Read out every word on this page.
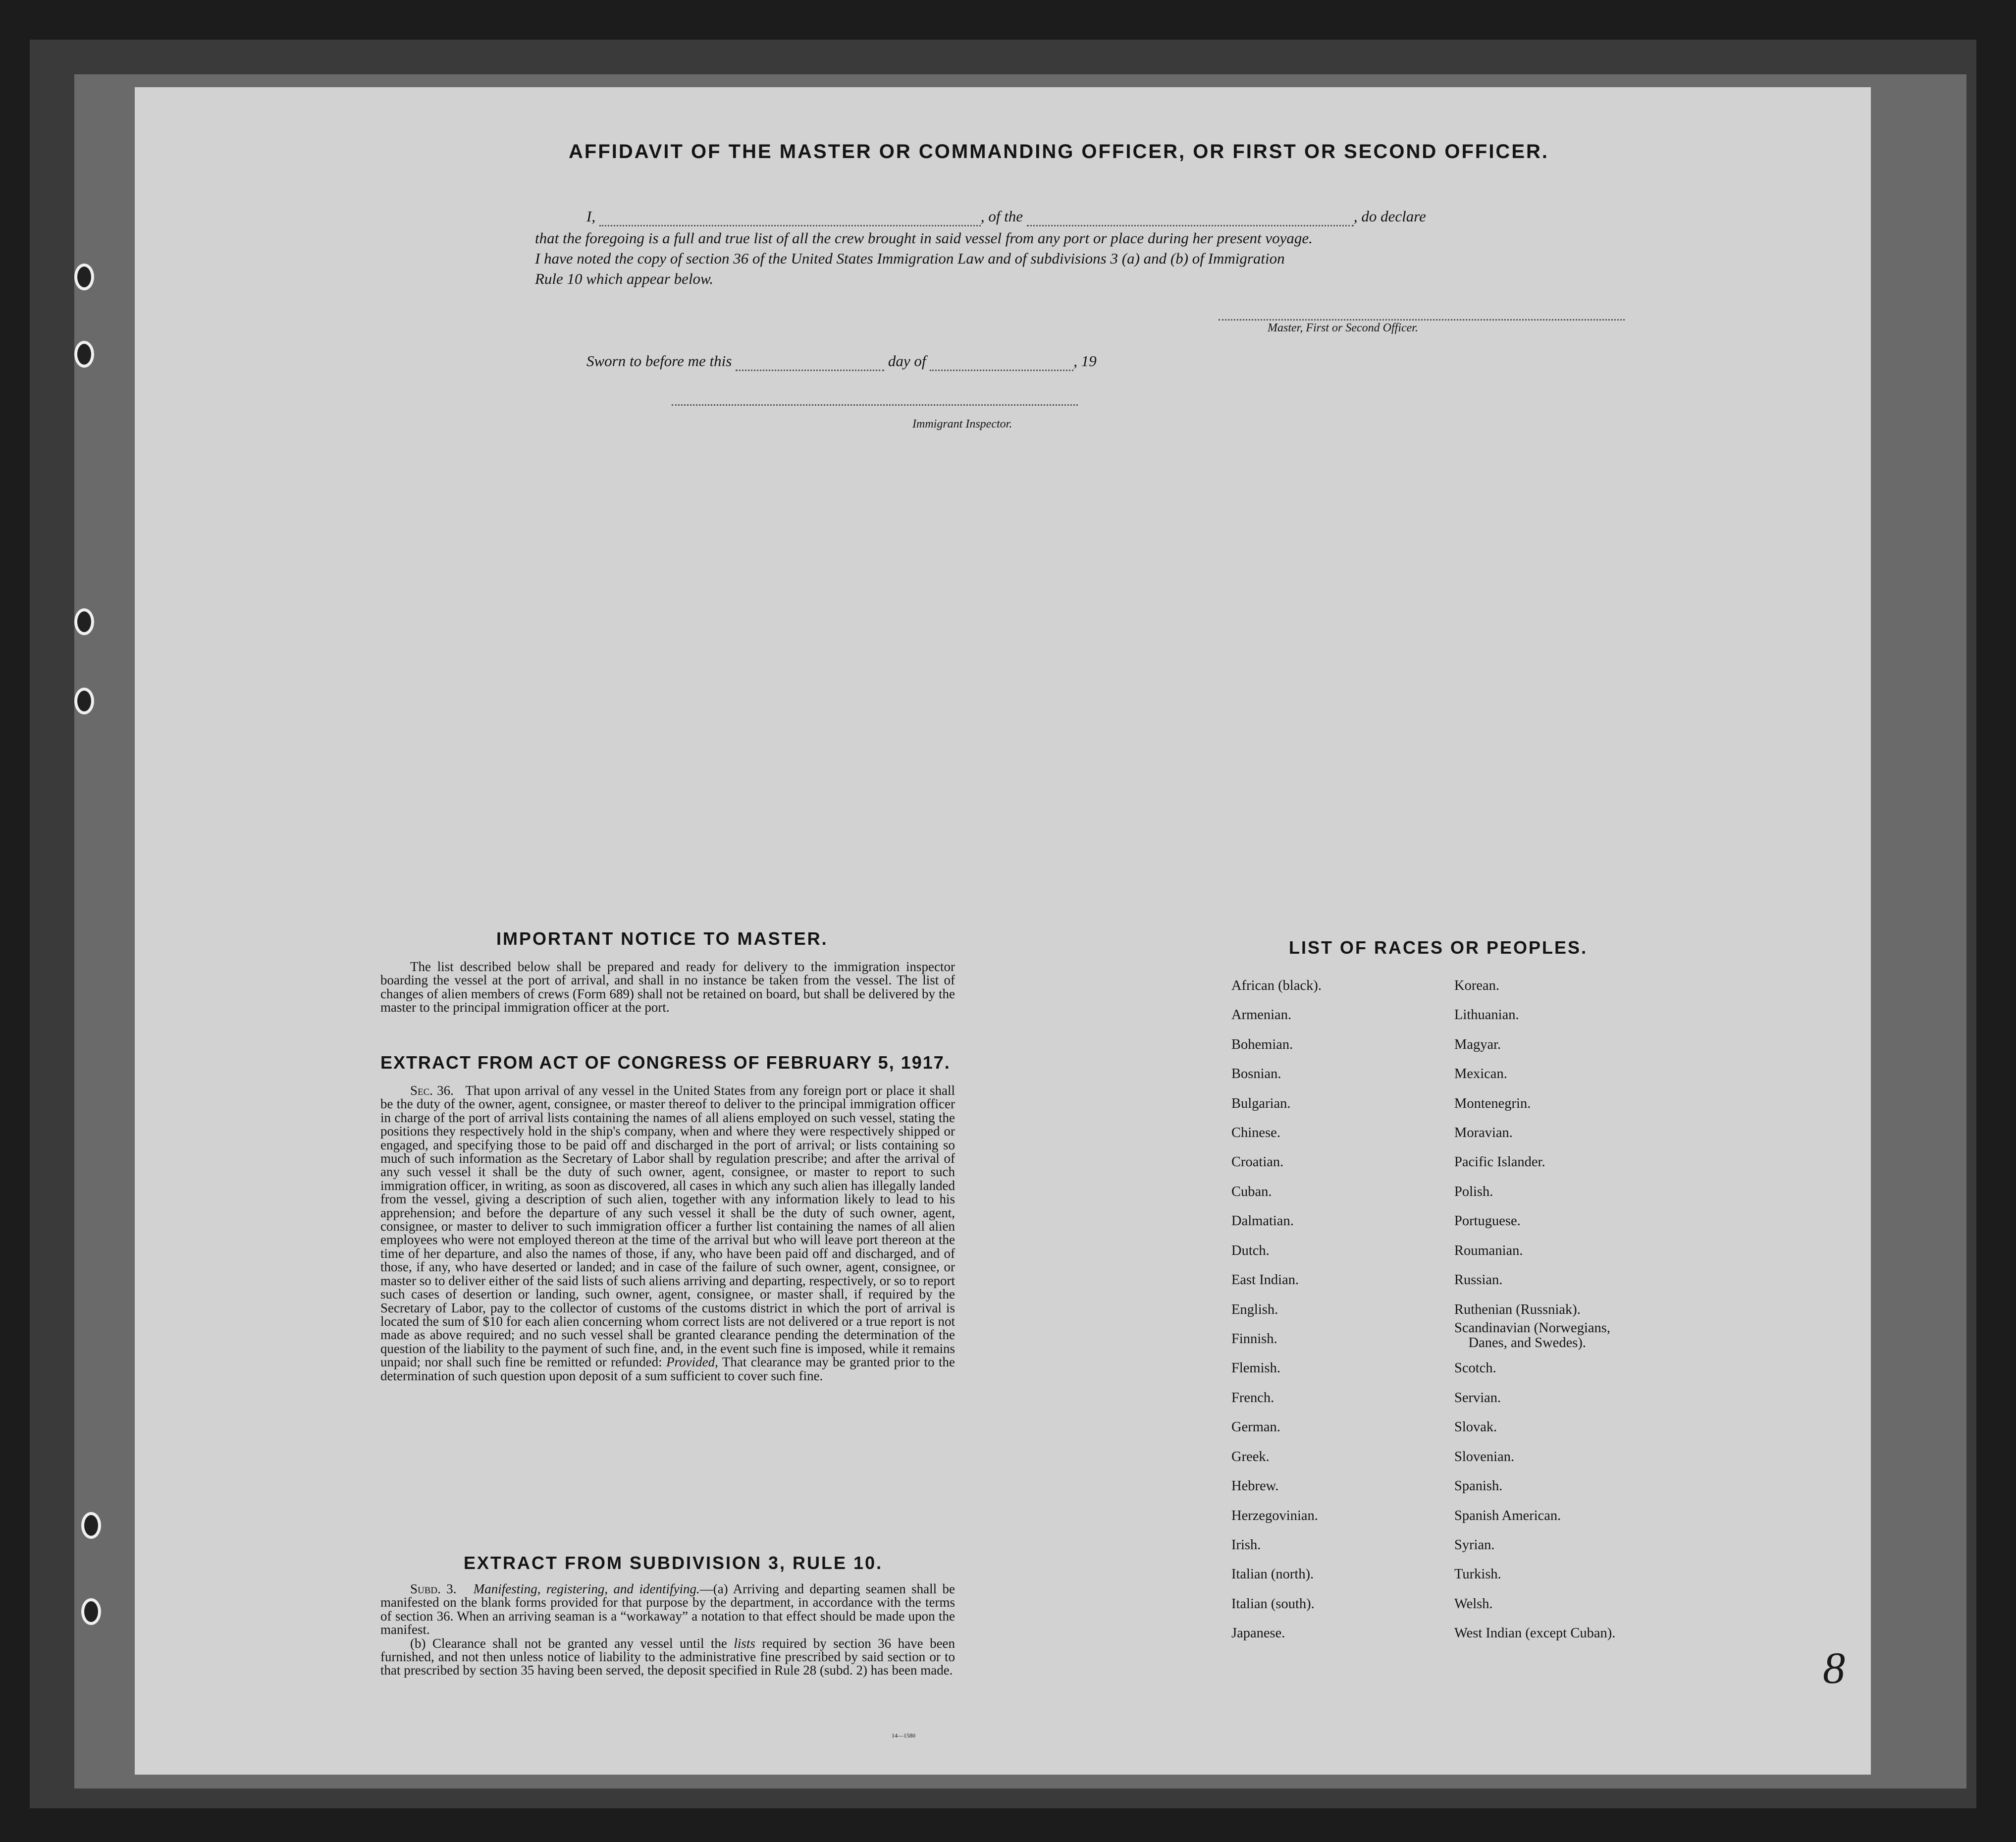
AFFIDAVIT OF THE MASTER OR COMMANDING OFFICER, OR FIRST OR SECOND OFFICER.
I,	, of the	, do declare
that the foregoing is a full and true list of all the crew brought in said vessel from any port or place during her present voyage.
I have noted the copy of section 36 of the United States Immigration Law and of subdivisions 3 (a) and (b) of Immigration
Rule 10 which appear below.
Master, First or Second Officer.
Sworn to before me this	day of	, 19
Immigrant Inspector.
IMPORTANT NOTICE TO MASTER.

The list described below shall be prepared and ready for delivery to the immigration inspector boarding the vessel at the port of arrival, and shall in no instance be taken from the vessel. The list of changes of alien members of crews (Form 689) shall not be retained on board, but shall be delivered by the master to the principal immigration officer at the port.

EXTRACT FROM ACT OF CONGRESS OF FEBRUARY 5, 1917.

Sec. 36. That upon arrival of any vessel in the United States from any foreign port or place it shall be the duty of the owner, agent, consignee, or master thereof to deliver to the principal immigration officer in charge of the port of arrival lists containing the names of all aliens employed on such vessel, stating the positions they respectively hold in the ship's company, when and where they were respectively shipped or engaged, and specifying those to be paid off and discharged in the port of arrival; or lists containing so much of such information as the Secretary of Labor shall by regulation prescribe; and after the arrival of any such vessel it shall be the duty of such owner, agent, consignee, or master to report to such immigration officer, in writing, as soon as discovered, all cases in which any such alien has illegally landed from the vessel, giving a description of such alien, together with any information likely to lead to his apprehension; and before the departure of any such vessel it shall be the duty of such owner, agent, consignee, or master to deliver to such immigration officer a further list containing the names of all alien employees who were not employed thereon at the time of the arrival but who will leave port thereon at the time of her departure, and also the names of those, if any, who have been paid off and discharged, and of those, if any, who have deserted or landed; and in case of the failure of such owner, agent, consignee, or master so to deliver either of the said lists of such aliens arriving and departing, respectively, or so to report such cases of desertion or landing, such owner, agent, consignee, or master shall, if required by the Secretary of Labor, pay to the collector of customs of the customs district in which the port of arrival is located the sum of $10 for each alien concerning whom correct lists are not delivered or a true report is not made as above required; and no such vessel shall be granted clearance pending the determination of the question of the liability to the payment of such fine, and, in the event such fine is imposed, while it remains unpaid; nor shall such fine be remitted or refunded: Provided, That clearance may be granted prior to the determination of such question upon deposit of a sum sufficient to cover such fine.

EXTRACT FROM SUBDIVISION 3, RULE 10.

Subd. 3. Manifesting, registering, and identifying.—(a) Arriving and departing seamen shall be manifested on the blank forms provided for that purpose by the department, in accordance with the terms of section 36. When an arriving seaman is a “workaway” a notation to that effect should be made upon the manifest.

(b) Clearance shall not be granted any vessel until the lists required by section 36 have been furnished, and not then unless notice of liability to the administrative fine prescribed by said section or to that prescribed by section 35 having been served, the deposit specified in Rule 28 (subd. 2) has been made.

14—1580
LIST OF RACES OR PEOPLES.
African (black).
Armenian.
Bohemian.
Bosnian.
Bulgarian.
Chinese.
Croatian.
Cuban.
Dalmatian.
Dutch.
East Indian.
English.
Finnish.
Flemish.
French.
German.
Greek.
Hebrew.
Herzegovinian.
Irish.
Italian (north).
Italian (south).
Japanese.
Korean.
Lithuanian.
Magyar.
Mexican.
Montenegrin.
Moravian.
Pacific Islander.
Polish.
Portuguese.
Roumanian.
Russian.
Ruthenian (Russniak).
Scandinavian (Norwegians,
Danes, and Swedes).
Scotch.
Servian.
Slovak.
Slovenian.
Spanish.
Spanish American.
Syrian.
Turkish.
Welsh.
West Indian (except Cuban).
8
